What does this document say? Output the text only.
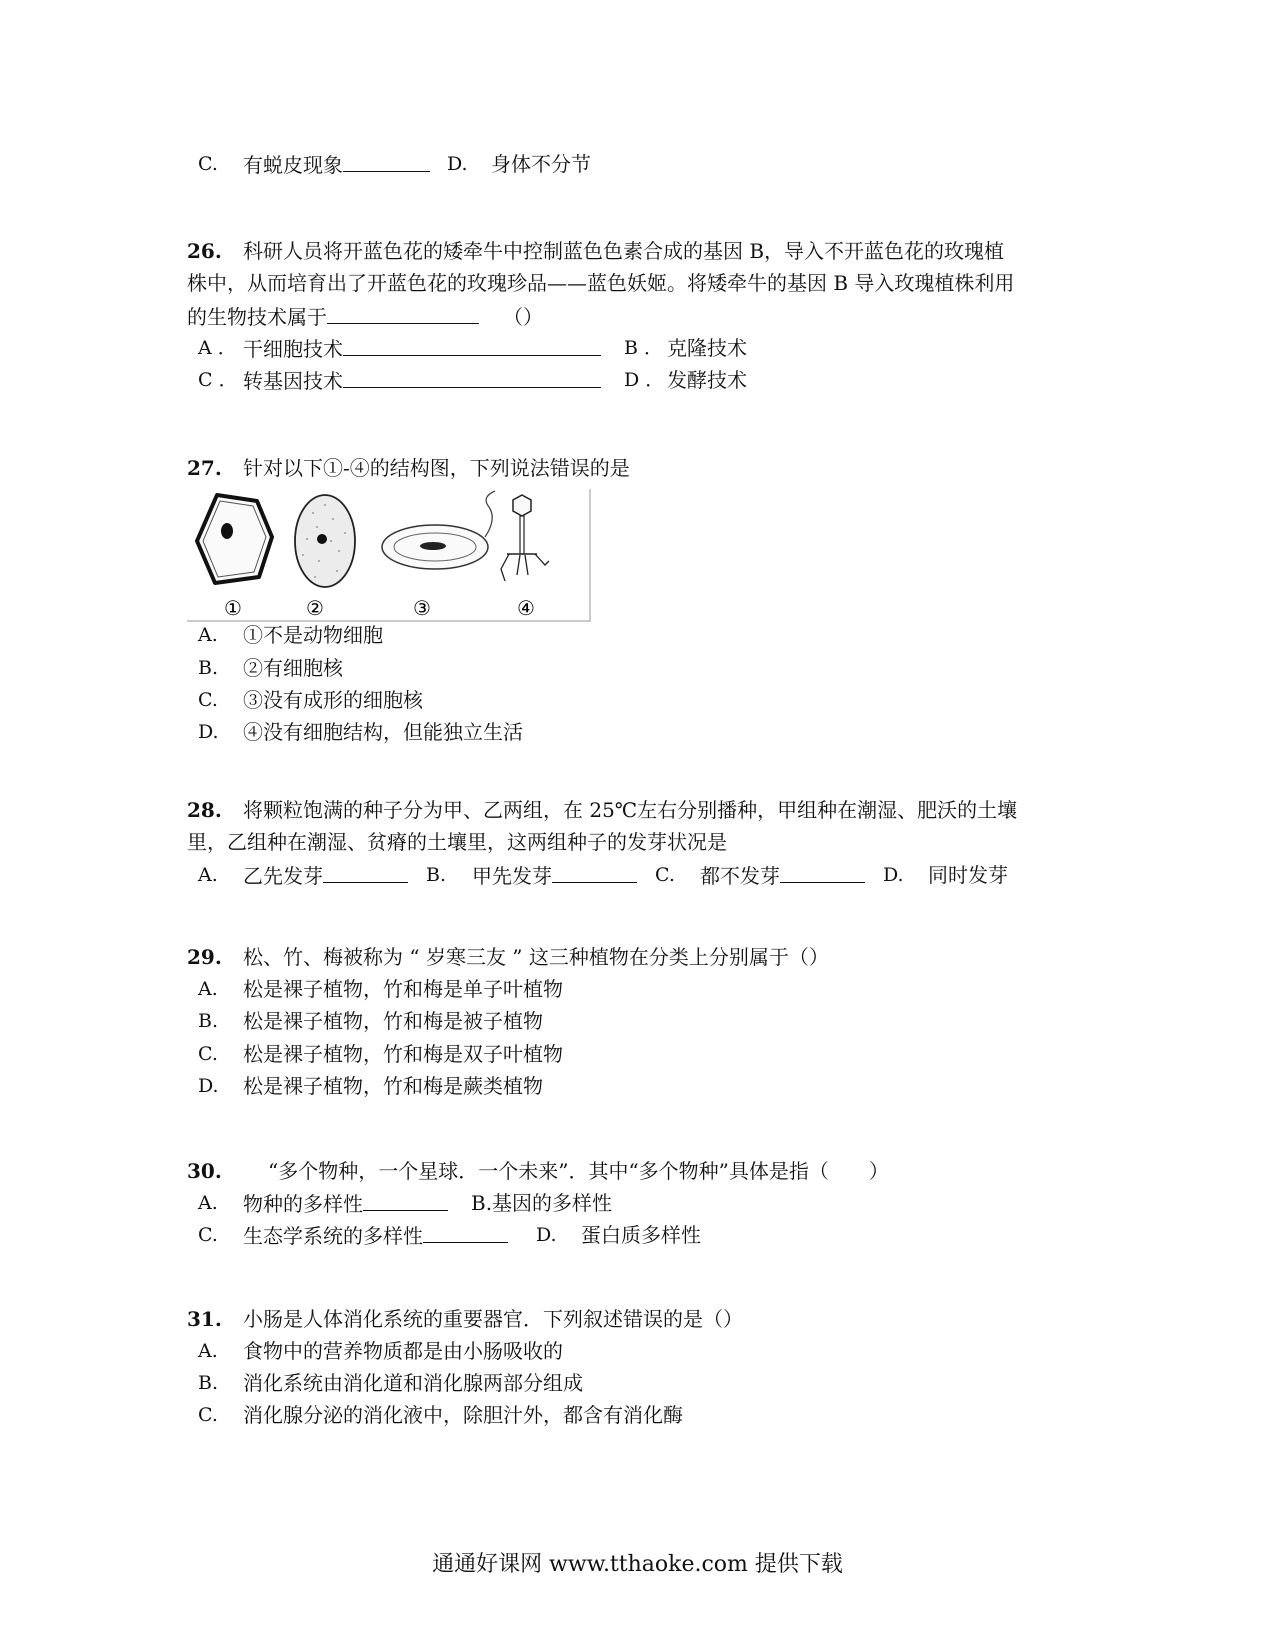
C. 有蜕皮现象	D. 身体不分节
26. 科研人员将开蓝色花的矮牵牛中控制蓝色色素合成的基因 B，导入不开蓝色花的玫瑰植
株中，从而培育出了开蓝色花的玫瑰珍品——蓝色妖姬。将矮牵牛的基因 B 导入玫瑰植株利用
的生物技术属于	（）
A ． 干细胞技术	B ． 克隆技术
C ． 转基因技术	D ． 发酵技术
27. 针对以下①-④的结构图，下列说法错误的是
①	②	③	④
A. ①不是动物细胞
B. ②有细胞核
C. ③没有成形的细胞核
D. ④没有细胞结构，但能独立生活
28. 将颗粒饱满的种子分为甲、乙两组，在 25℃左右分别播种，甲组种在潮湿、肥沃的土壤
里，乙组种在潮湿、贫瘠的土壤里，这两组种子的发芽状况是
A. 乙先发芽	B. 甲先发芽	C. 都不发芽	D. 同时发芽
29. 松、竹、梅被称为 “ 岁寒三友 ” 这三种植物在分类上分别属于（）
A. 松是裸子植物，竹和梅是单子叶植物
B. 松是裸子植物，竹和梅是被子植物
C. 松是裸子植物，竹和梅是双子叶植物
D. 松是裸子植物，竹和梅是蕨类植物
30. “多个物种，一个星球．一个未来”．其中“多个物种”具体是指（　　）
A. 物种的多样性	B.基因的多样性
C. 生态学系统的多样性	D. 蛋白质多样性
31. 小肠是人体消化系统的重要器官．下列叙述错误的是（）
A. 食物中的营养物质都是由小肠吸收的
B. 消化系统由消化道和消化腺两部分组成
C. 消化腺分泌的消化液中，除胆汁外，都含有消化酶
通通好课网 www.tthaoke.com 提供下载
